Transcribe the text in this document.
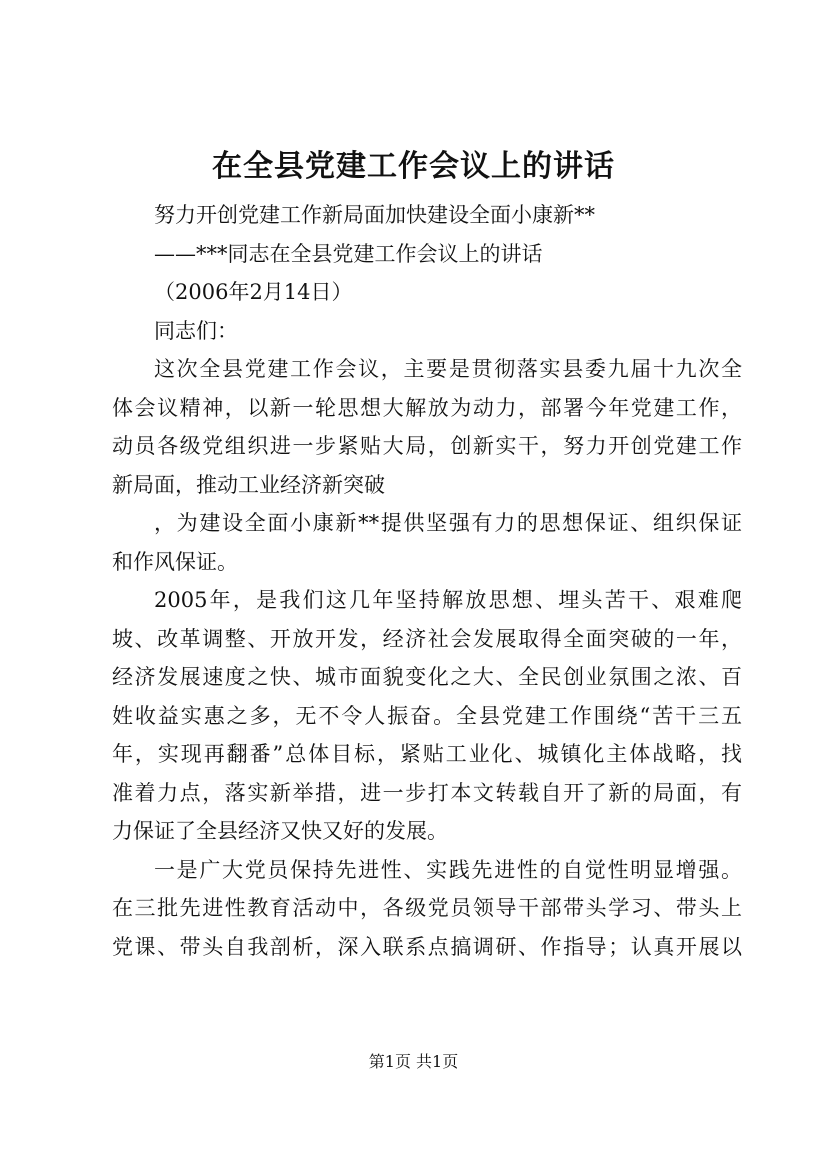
在全县党建工作会议上的讲话
努力开创党建工作新局面加快建设全面小康新**
——***同志在全县党建工作会议上的讲话
（2006年2月14日）
同志们：
这次全县党建工作会议，主要是贯彻落实县委九届十九次全
体会议精神，以新一轮思想大解放为动力，部署今年党建工作，
动员各级党组织进一步紧贴大局，创新实干，努力开创党建工作
新局面，推动工业经济新突破
，为建设全面小康新**提供坚强有力的思想保证、组织保证
和作风保证。
2005年，是我们这几年坚持解放思想、埋头苦干、艰难爬
坡、改革调整、开放开发，经济社会发展取得全面突破的一年，
经济发展速度之快、城市面貌变化之大、全民创业氛围之浓、百
姓收益实惠之多，无不令人振奋。全县党建工作围绕“苦干三五
年，实现再翻番”总体目标，紧贴工业化、城镇化主体战略，找
准着力点，落实新举措，进一步打本文转载自开了新的局面，有
力保证了全县经济又快又好的发展。
一是广大党员保持先进性、实践先进性的自觉性明显增强。
在三批先进性教育活动中，各级党员领导干部带头学习、带头上
党课、带头自我剖析，深入联系点搞调研、作指导；认真开展以
第1页 共1页
